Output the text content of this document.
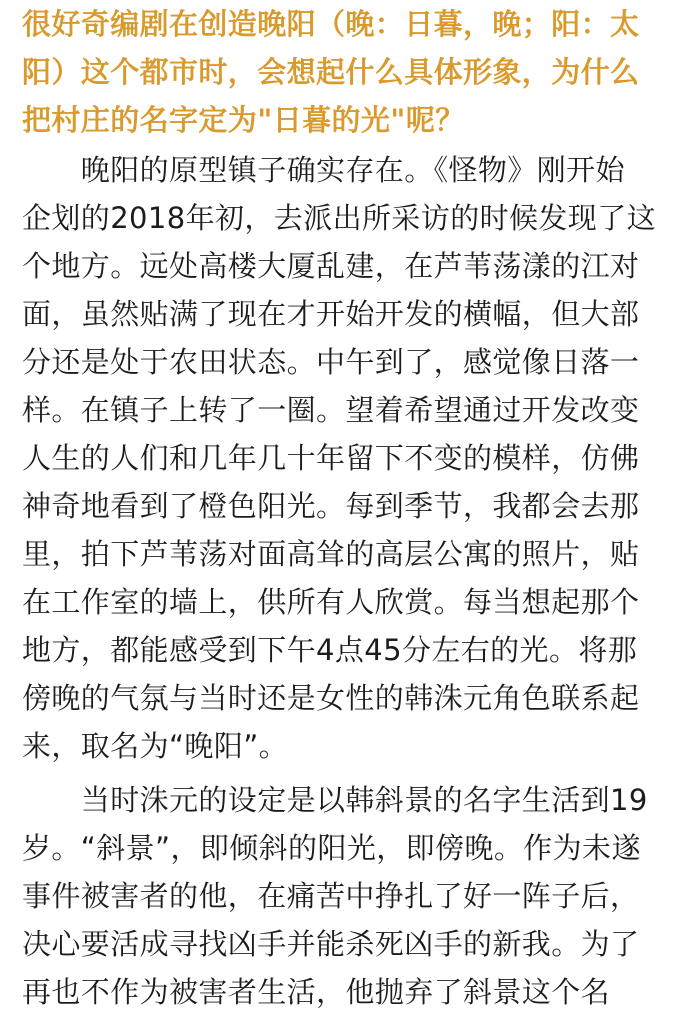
很好奇编剧在创造晚阳（晚：日暮，晚；阳：太
阳）这个都市时，会想起什么具体形象，为什么
把村庄的名字定为"日暮的光"呢？
　　晚阳的原型镇子确实存在。《怪物》刚开始
企划的2018年初，去派出所采访的时候发现了这
个地方。远处高楼大厦乱建，在芦苇荡漾的江对
面，虽然贴满了现在才开始开发的横幅，但大部
分还是处于农田状态。中午到了，感觉像日落一
样。在镇子上转了一圈。望着希望通过开发改变
人生的人们和几年几十年留下不变的模样，仿佛
神奇地看到了橙色阳光。每到季节，我都会去那
里，拍下芦苇荡对面高耸的高层公寓的照片，贴
在工作室的墙上，供所有人欣赏。每当想起那个
地方，都能感受到下午4点45分左右的光。将那
傍晚的气氛与当时还是女性的韩洙元角色联系起
来，取名为“晚阳”。
　　当时洙元的设定是以韩斜景的名字生活到19
岁。“斜景”，即倾斜的阳光，即傍晚。作为未遂
事件被害者的他，在痛苦中挣扎了好一阵子后，
决心要活成寻找凶手并能杀死凶手的新我。为了
再也不作为被害者生活，他抛弃了斜景这个名
